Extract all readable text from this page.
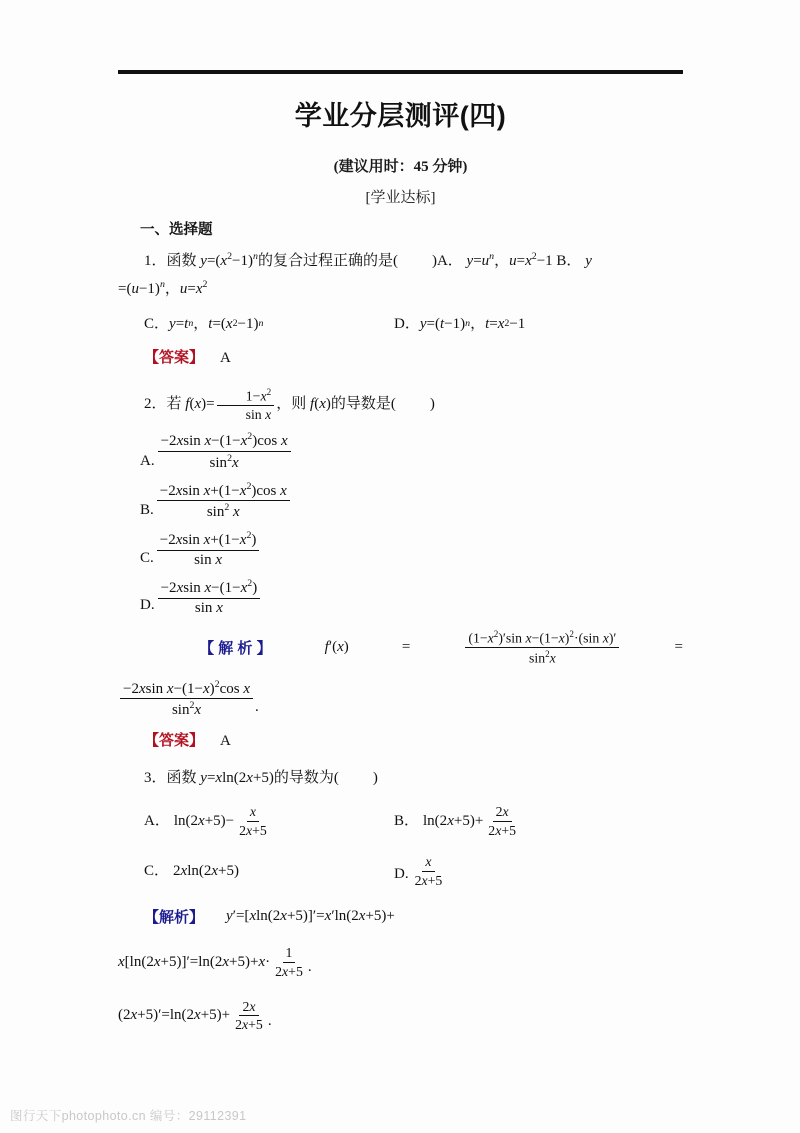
学业分层测评(四)
(建议用时：45 分钟)
[学业达标]
一、选择题
1．函数 $y=(x^2-1)^n$的复合过程正确的是( )A． $y=u^n$，$u=x^2-1$ B． y
$=(u-1)^n$，$u=x^2$
C． y = t n ， t =( x 2 −1) n	D． y =( t −1) n ， t = x 2 −1
【答案】 A
2．若 $f(x)= \frac{1-x^2}{\text{sin x}}$ ，则 f(x)的导数是( )
A. $\frac{-2xsin x-(1-x^2)\cos x}{\sin^2x}$
B. $\frac{-2xsin x+(1-x^2)\cos x}{\sin^2 x}$
C. $\frac{-2xsin x+(1-x^2)}{\text{sin x}}$
D. $\frac{-2xsin x-(1-x^2)}{\text{sin x}}$
【 解 析 】	f′(x)	=	$\frac{(1-x^2)'\sin x-(1-x)^2\cdot(\sin x)'}{\sin^2x}$	=
$\frac{-2xsin x-(1-x)^2\cos x}{\sin^2x}$ .
【答案】 A
3．函数 y=xln(2x+5)的导数为( )
A． ln(2 $x +5)- \frac{x}{2x+5}$	B． ln(2 $x +5)+ \frac{2x}{2x+5}$
C． 2 x ln(2 x +5)	D. $\frac{x}{2x+5}$
【解析】 y′=[xln(2x+5)]′=x′ln(2x+5)+
x [ln(2 x +5)]′=ln(2 $x +5)+ x \cdot \frac{1}{2x+5}$ .
(2 x +5)′=ln(2 $x +5)+ \frac{2x}{2x+5}$ .
图行天下photophoto.cn 编号：29112391
